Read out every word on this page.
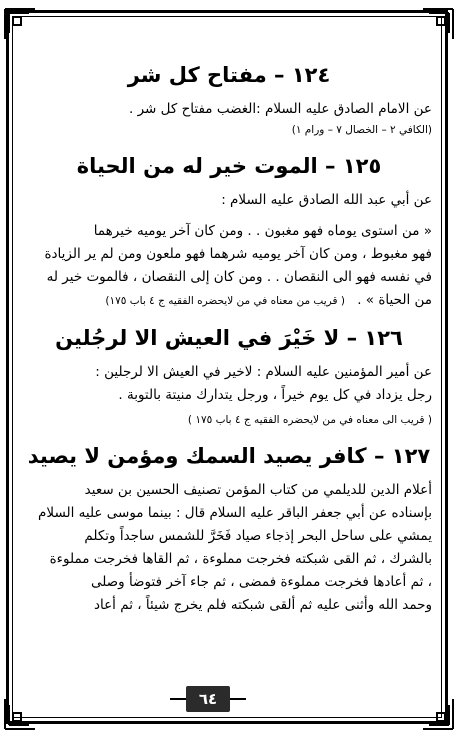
١٢٤ – مفتاح كل شر

عن الامام الصادق عليه السلام :الغضب مفتاح كل شر .

(الكافي ٢ – الخصال ٧ – ورام ١)

١٢٥ – الموت خير له من الحياة

عن أبي عبد الله الصادق عليه السلام :

« من استوى يوماه فهو مغبون . . ومن كان آخر يوميه خيرهما

فهو مغبوط ، ومن كان آخر يوميه شرهما فهو ملعون ومن لم ير الزيادة

في نفسه فهو الى النقصان . . ومن كان إلى النقصان ، فالموت خير له

من الحياة » . ( قريب من معناه في من لايحضره الفقيه ج ٤ باب ١٧٥)

١٢٦ – لا خَيْرَ في العيش الا لرجُلين

عن أمير المؤمنين عليه السلام : لاخير في العيش الا لرجلين :

رجل يزداد في كل يوم خيراً ، ورجل يتدارك منيتة بالتوبة .

( قريب الى معناه في من لايحضره الفقيه ج ٤ باب ١٧٥ )

١٢٧ – كافر يصيد السمك ومؤمن لا يصيد

أعلام الدين للديلمي من كتاب المؤمن تصنيف الحسين بن سعيد

بإسناده عن أبي جعفر الباقر عليه السلام قال : بينما موسى عليه السلام

يمشي على ساحل البحر إذجاء صياد فَخَرَّ للشمس ساجداً وتكلم

بالشرك ، ثم القى شبكته فخرجت مملوءة ، ثم القاها فخرجت مملوءة

، ثم أعادها فخرجت مملوءة فمضى ، ثم جاء آخر فتوضأ وصلى

وحمد الله وأثنى عليه ثم ألقى شبكته فلم يخرج شيئاً ، ثم أعاد

٦٤
